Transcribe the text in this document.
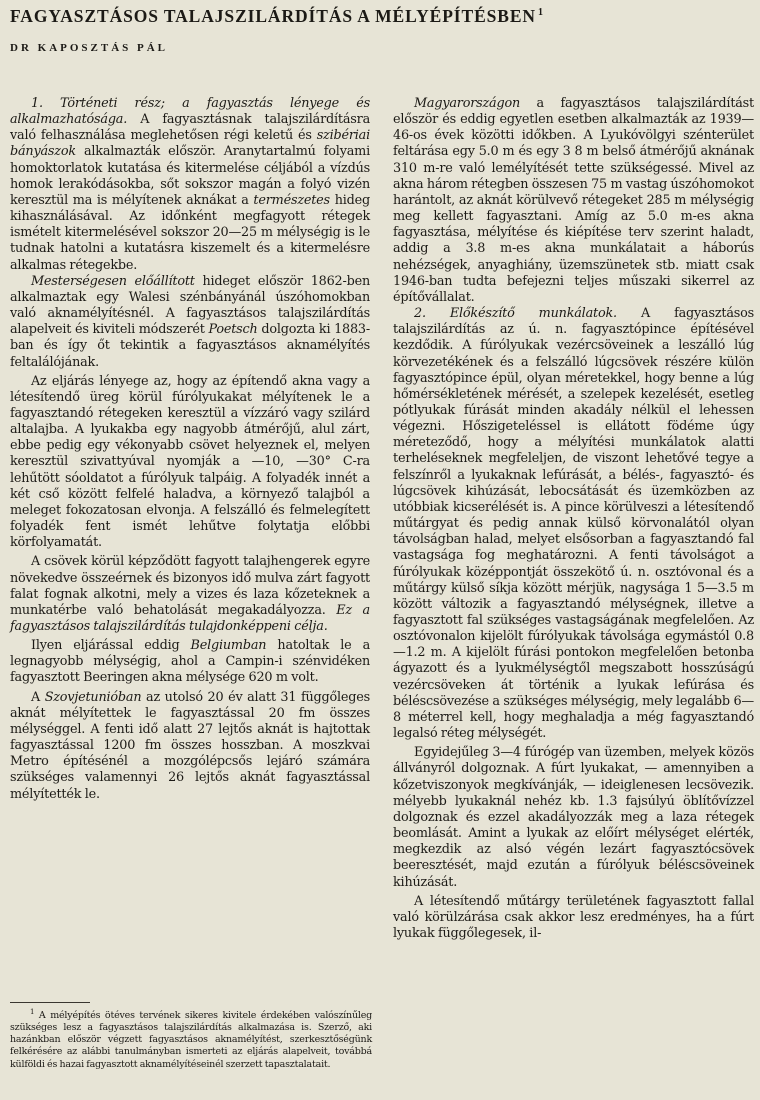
FAGYASZTÁSOS TALAJSZILÁRDÍTÁS A MÉLYÉPÍTÉSBEN $^1$
DR KAPOSZTÁS PÁL

1. Történeti rész; a fagyasztás lényege és alkalmazhatósága. A fagyasztásnak talajszilárdításra való felhasználása meglehetősen régi keletű és szibériai bányászok alkalmazták először. Aranytartalmú folyami homoktorlatok kutatása és kitermelése céljából a vízdús homok lerakódásokba, sőt sokszor magán a folyó vizén keresztül ma is mélyítenek aknákat a természetes hideg kihasználásával. Az időnként megfagyott rétegek ismételt kitermelésével sokszor 20—25 m mélységig is le tudnak hatolni a kutatásra kiszemelt és a kitermelésre alkalmas rétegekbe.

Mesterségesen előállított hideget először 1862-ben alkalmaztak egy Walesi szénbányánál úszóhomokban való aknamélyítésnél. A fagyasztásos talajszilárdítás alapelveit és kiviteli módszerét Poetsch dolgozta ki 1883-ban és így őt tekintik a fagyasztásos aknamélyítés feltalálójának.

Az eljárás lényege az, hogy az építendő akna vagy a létesítendő üreg körül fúrólyukakat mélyítenek le a fagyasztandó rétegeken keresztül a vízzáró vagy szilárd altalajba. A lyukakba egy nagyobb átmérőjű, alul zárt, ebbe pedig egy vékonyabb csövet helyeznek el, melyen keresztül szivattyúval nyomják a —10, —30° C-ra lehűtött sóoldatot a fúrólyuk talpáig. A folyadék innét a két cső között felfelé haladva, a környező talajból a meleget fokozatosan elvonja. A felszálló és felmelegített folyadék fent ismét lehűtve folytatja előbbi körfolyamatát.

A csövek körül képződött fagyott talajhengerek egyre növekedve összeérnek és bizonyos idő mulva zárt fagyott falat fognak alkotni, mely a vizes és laza kőzeteknek a munkatérbe való behatolását megakadályozza. Ez a fagyasztásos talajszilárdítás tulajdonképpeni célja.

Ilyen eljárással eddig Belgiumban hatoltak le a legnagyobb mélységig, ahol a Campin-i szénvidéken fagyasztott Beeringen akna mélysége 620 m volt.

A Szovjetunióban az utolsó 20 év alatt 31 függőleges aknát mélyítettek le fagyasztással 20 fm összes mélységgel. A fenti idő alatt 27 lejtős aknát is hajtottak fagyasztással 1200 fm összes hosszban. A moszkvai Metro építésénél a mozgólépcsős lejáró számára szükséges valamennyi 26 lejtős aknát fagyasztással mélyítették le.

$^1$ A mélyépítés ötéves tervének sikeres kivitele érdekében valószínűleg szükséges lesz a fagyasztásos talajszilárdítás alkalmazása is. Szerző, aki hazánkban először végzett fagyasztásos aknamélyítést, szerkesztőségünk felkérésére az alábbi tanulmányban ismerteti az eljárás alapelveit, továbbá külföldi és hazai fagyasztott aknamélyítéseinél szerzett tapasztalatait.

Magyarországon a fagyasztásos talajszilárdítást először és eddig egyetlen esetben alkalmazták az 1939—46-os évek közötti időkben. A Lyukóvölgyi szénterület feltárása egy 5.0 m és egy 3 8 m belső átmérőjű aknának 310 m-re való lemélyítését tette szükségessé. Mivel az akna három rétegben összesen 75 m vastag úszóhomokot harántolt, az aknát körülvevő rétegeket 285 m mélységig meg kellett fagyasztani. Amíg az 5.0 m-es akna fagyasztása, mélyítése és kiépítése terv szerint haladt, addig a 3.8 m-es akna munkálatait a háborús nehézségek, anyaghiány, üzemszünetek stb. miatt csak 1946-ban tudta befejezni teljes műszaki sikerrel az építővállalat.

2. Előkészítő munkálatok. A fagyasztásos talajszilárdítás az ú. n. fagyasztópince építésével kezdődik. A fúrólyukak vezércsöveinek a leszálló lúg körvezetékének és a felszálló lúgcsövek részére külön fagyasztópince épül, olyan méretekkel, hogy benne a lúg hőmérsékletének mérését, a szelepek kezelését, esetleg pótlyukak fúrását minden akadály nélkül el lehessen végezni. Hőszigeteléssel is ellátott födéme úgy méreteződő, hogy a mélyítési munkálatok alatti terheléseknek megfeleljen, de viszont lehetővé tegye a felszínről a lyukaknak lefúrását, a bélés-, fagyasztó- és lúgcsövek kihúzását, lebocsátását és üzemközben az utóbbiak kicserélését is. A pince körülveszi a létesítendő műtárgyat és pedig annak külső körvonalától olyan távolságban halad, melyet elsősorban a fagyasztandó fal vastagsága fog meghatározni. A fenti távolságot a fúrólyukak középpontját összekötő ú. n. osztóvonal és a műtárgy külső síkja között mérjük, nagysága 1 5—3.5 m között változik a fagyasztandó mélységnek, illetve a fagyasztott fal szükséges vastagságának megfelelően. Az osztóvonalon kijelölt fúrólyukak távolsága egymástól 0.8—1.2 m. A kijelölt fúrási pontokon megfelelően betonba ágyazott és a lyukmélységtől megszabott hosszúságú vezércsöveken át történik a lyukak lefúrása és béléscsövezése a szükséges mélységig, mely legalább 6—8 méterrel kell, hogy meghaladja a még fagyasztandó legalsó réteg mélységét.

Egyidejűleg 3—4 fúrógép van üzemben, melyek közös állványról dolgoznak. A fúrt lyukakat, — amennyiben a kőzetviszonyok megkívánják, — ideiglenesen lecsövezik. mélyebb lyukaknál nehéz kb. 1.3 fajsúlyú öblítővízzel dolgoznak és ezzel akadályozzák meg a laza rétegek beomlását. Amint a lyukak az előírt mélységet elérték, megkezdik az alsó végén lezárt fagyasztócsövek beeresztését, majd ezután a fúrólyuk béléscsöveinek kihúzását.

A létesítendő műtárgy területének fagyasztott fallal való körülzárása csak akkor lesz eredményes, ha a fúrt lyukak függőlegesek, il-
